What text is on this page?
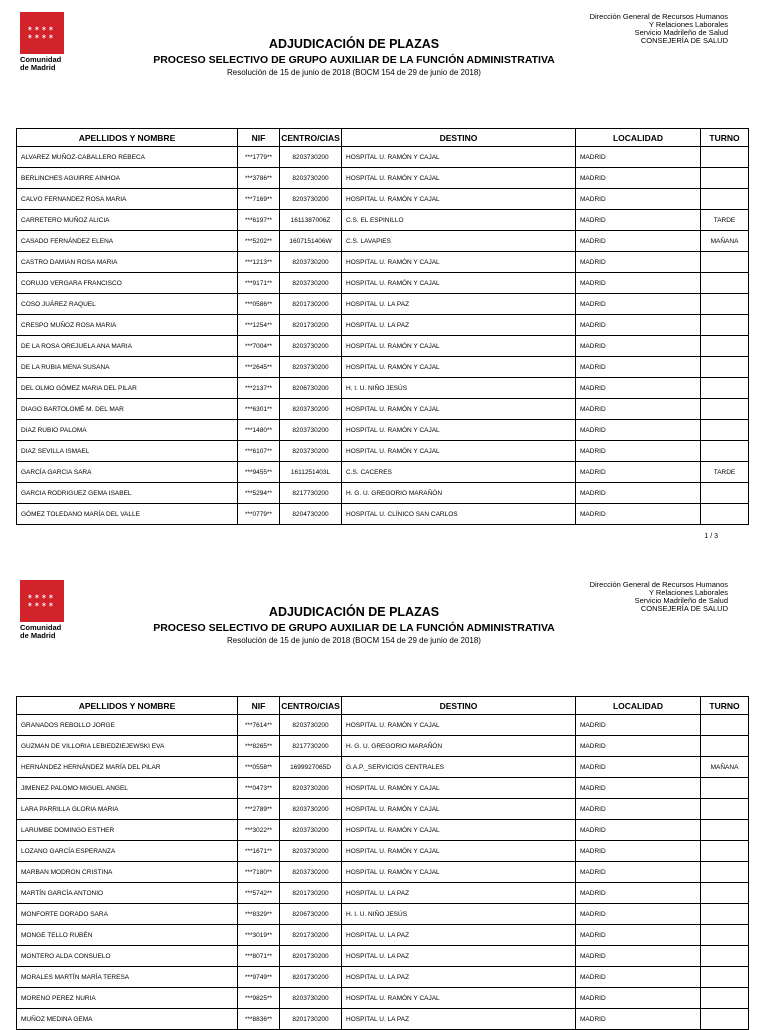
✶ ✶ ✶ ✶
✶ ✶ ✶ ✶
Comunidad
de Madrid
Dirección General de Recursos Humanos
Y Relaciones Laborales
Servicio Madrileño de Salud
CONSEJERÍA DE SALUD
ADJUDICACIÓN DE PLAZAS
PROCESO SELECTIVO DE GRUPO AUXILIAR DE LA FUNCIÓN ADMINISTRATIVA
Resolución de 15 de junio de 2018 (BOCM 154 de 29 de junio de 2018)
APELLIDOS Y NOMBRE	NIF	CENTRO/CIAS	DESTINO	LOCALIDAD	TURNO
ALVAREZ MUÑOZ-CABALLERO REBECA	***1779**	8203730200	HOSPITAL U. RAMÓN Y CAJAL	MADRID	
BERLINCHES AGUIRRE AINHOA	***3786**	8203730200	HOSPITAL U. RAMÓN Y CAJAL	MADRID	
CALVO FERNANDEZ ROSA MARIA	***7169**	8203730200	HOSPITAL U. RAMÓN Y CAJAL	MADRID	
CARRETERO MUÑOZ ALICIA	***6197**	1611387006Z	C.S. EL ESPINILLO	MADRID	TARDE
CASADO FERNÁNDEZ ELENA	***5202**	1607151406W	C.S. LAVAPIES	MADRID	MAÑANA
CASTRO DAMIAN ROSA MARIA	***1213**	8203730200	HOSPITAL U. RAMÓN Y CAJAL	MADRID	
CORUJO VERGARA FRANCISCO	***9171**	8203730200	HOSPITAL U. RAMÓN Y CAJAL	MADRID	
COSO JUÁREZ RAQUEL	***0586**	8201730200	HOSPITAL U. LA PAZ	MADRID	
CRESPO MUÑOZ ROSA MARIA	***1254**	8201730200	HOSPITAL U. LA PAZ	MADRID	
DE LA ROSA OREJUELA ANA MARIA	***7004**	8203730200	HOSPITAL U. RAMÓN Y CAJAL	MADRID	
DE LA RUBIA MENA SUSANA	***2645**	8203730200	HOSPITAL U. RAMÓN Y CAJAL	MADRID	
DEL OLMO GÓMEZ MARIA DEL PILAR	***2137**	8206730200	H. I. U. NIÑO JESÚS	MADRID	
DIAGO BARTOLOMÉ M. DEL MAR	***6301**	8203730200	HOSPITAL U. RAMÓN Y CAJAL	MADRID	
DIAZ RUBIO PALOMA	***1480**	8203730200	HOSPITAL U. RAMÓN Y CAJAL	MADRID	
DIAZ SEVILLA ISMAEL	***6107**	8203730200	HOSPITAL U. RAMÓN Y CAJAL	MADRID	
GARCÍA GARCIA SARA	***9455**	1611251403L	C.S. CACERES	MADRID	TARDE
GARCIA RODRIGUEZ GEMA ISABEL	***5294**	8217730200	H. G. U. GREGORIO MARAÑÓN	MADRID	
GÓMEZ TOLEDANO MARÍA DEL VALLE	***0779**	8204730200	HOSPITAL U. CLÍNICO SAN CARLOS	MADRID	
1 / 3
✶ ✶ ✶ ✶
✶ ✶ ✶ ✶
Comunidad
de Madrid
Dirección General de Recursos Humanos
Y Relaciones Laborales
Servicio Madrileño de Salud
CONSEJERÍA DE SALUD
ADJUDICACIÓN DE PLAZAS
PROCESO SELECTIVO DE GRUPO AUXILIAR DE LA FUNCIÓN ADMINISTRATIVA
Resolución de 15 de junio de 2018 (BOCM 154 de 29 de junio de 2018)
APELLIDOS Y NOMBRE	NIF	CENTRO/CIAS	DESTINO	LOCALIDAD	TURNO
GRANADOS REBOLLO JORGE	***7614**	8203730200	HOSPITAL U. RAMÓN Y CAJAL	MADRID	
GUZMAN DE VILLORIA LEBIEDZIEJEWSKI EVA	***8265**	8217730200	H. G. U. GREGORIO MARAÑÓN	MADRID	
HERNÁNDEZ HERNÁNDEZ MARÍA DEL PILAR	***0558**	1699927065D	G.A.P._SERVICIOS CENTRALES	MADRID	MAÑANA
JIMENEZ PALOMO MIGUEL ANGEL	***0473**	8203730200	HOSPITAL U. RAMÓN Y CAJAL	MADRID	
LARA PARRILLA GLORIA MARIA	***2789**	8203730200	HOSPITAL U. RAMÓN Y CAJAL	MADRID	
LARUMBE DOMINGO ESTHER	***3022**	8203730200	HOSPITAL U. RAMÓN Y CAJAL	MADRID	
LOZANO GARCÍA ESPERANZA	***1671**	8203730200	HOSPITAL U. RAMÓN Y CAJAL	MADRID	
MARBAN MODRON CRISTINA	***7180**	8203730200	HOSPITAL U. RAMÓN Y CAJAL	MADRID	
MARTÍN GARCÍA ANTONIO	***5742**	8201730200	HOSPITAL U. LA PAZ	MADRID	
MONFORTE DORADO SARA	***8329**	8206730200	H. I. U. NIÑO JESÚS	MADRID	
MONGE TELLO RUBÉN	***3019**	8201730200	HOSPITAL U. LA PAZ	MADRID	
MONTERO ALDA CONSUELO	***8071**	8201730200	HOSPITAL U. LA PAZ	MADRID	
MORALES MARTÍN MARÍA TERESA	***9749**	8201730200	HOSPITAL U. LA PAZ	MADRID	
MORENO PEREZ NURIA	***9825**	8203730200	HOSPITAL U. RAMÓN Y CAJAL	MADRID	
MUÑOZ MEDINA GEMA	***8836**	8201730200	HOSPITAL U. LA PAZ	MADRID	
